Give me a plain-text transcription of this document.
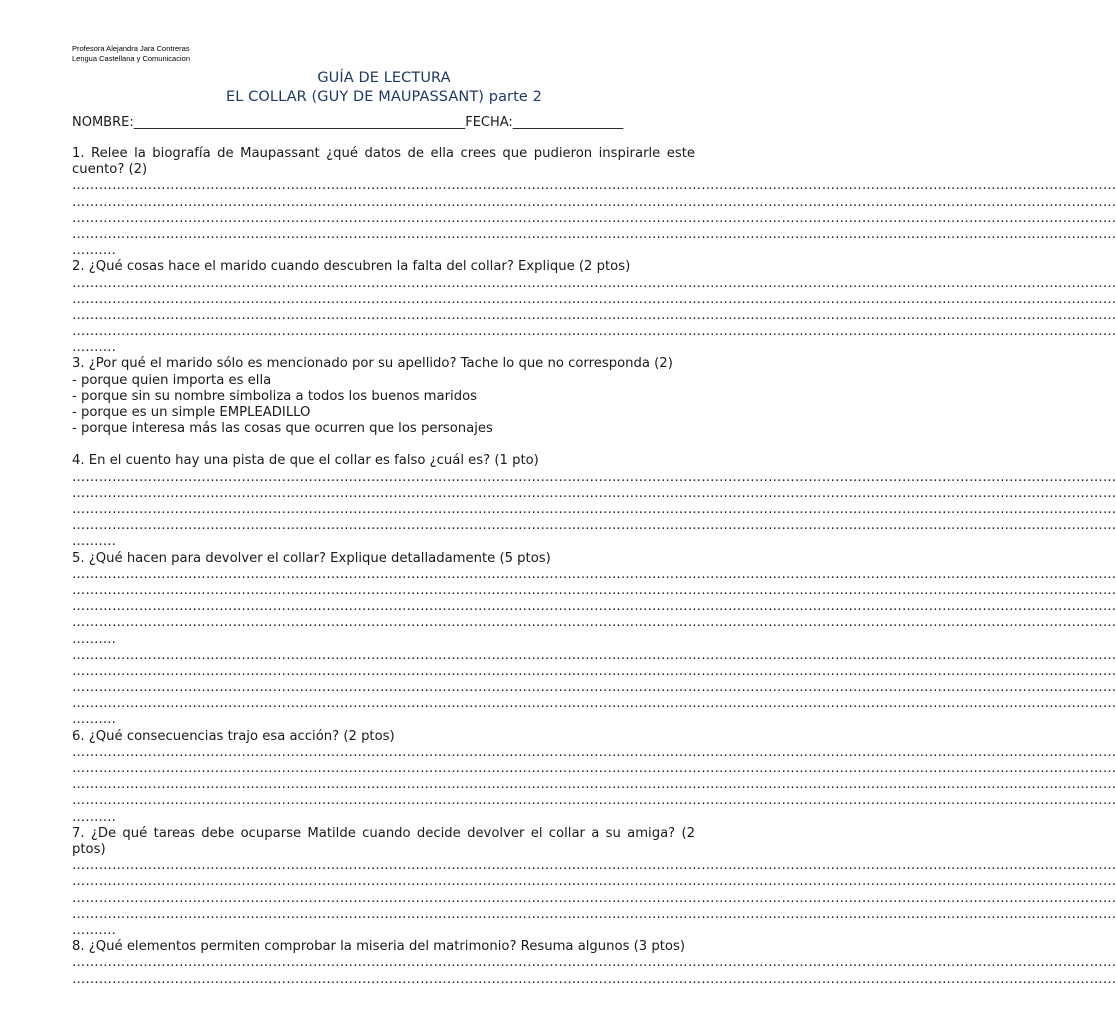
Profesora Alejandra Jara Contreras
Lengua Castellana y Comunicacion
GUÍA DE LECTURA
EL COLLAR (GUY DE MAUPASSANT) parte 2
NOMBRE:___________________________________________________FECHA:_________________
1. Relee la biografía de Maupassant ¿qué datos de ella crees que pudieron inspirarle este cuento? (2)
………………………………………………………………………………………………………………………………………………………………………………………………………………
………………………………………………………………………………………………………………………………………………………………………………………………………………
………………………………………………………………………………………………………………………………………………………………………………………………………………
………………………………………………………………………………………………………………………………………………………………………………………………………………
……….
2. ¿Qué cosas hace el marido cuando descubren la falta del collar? Explique (2 ptos)
………………………………………………………………………………………………………………………………………………………………………………………………………………
………………………………………………………………………………………………………………………………………………………………………………………………………………
………………………………………………………………………………………………………………………………………………………………………………………………………………
………………………………………………………………………………………………………………………………………………………………………………………………………………
……….
3. ¿Por qué el marido sólo es mencionado por su apellido? Tache lo que no corresponda (2)
- porque quien importa es ella
- porque sin su nombre simboliza a todos los buenos maridos
- porque es un simple EMPLEADILLO
- porque interesa más las cosas que ocurren que los personajes
4. En el cuento hay una pista de que el collar es falso ¿cuál es? (1 pto)
………………………………………………………………………………………………………………………………………………………………………………………………………………
………………………………………………………………………………………………………………………………………………………………………………………………………………
………………………………………………………………………………………………………………………………………………………………………………………………………………
………………………………………………………………………………………………………………………………………………………………………………………………………………
……….
5. ¿Qué hacen para devolver el collar? Explique detalladamente (5 ptos)
………………………………………………………………………………………………………………………………………………………………………………………………………………
………………………………………………………………………………………………………………………………………………………………………………………………………………
………………………………………………………………………………………………………………………………………………………………………………………………………………
………………………………………………………………………………………………………………………………………………………………………………………………………………
……….
………………………………………………………………………………………………………………………………………………………………………………………………………………
………………………………………………………………………………………………………………………………………………………………………………………………………………
………………………………………………………………………………………………………………………………………………………………………………………………………………
………………………………………………………………………………………………………………………………………………………………………………………………………………
……….
6. ¿Qué consecuencias trajo esa acción? (2 ptos)
………………………………………………………………………………………………………………………………………………………………………………………………………………
………………………………………………………………………………………………………………………………………………………………………………………………………………
………………………………………………………………………………………………………………………………………………………………………………………………………………
………………………………………………………………………………………………………………………………………………………………………………………………………………
……….
7. ¿De qué tareas debe ocuparse Matilde cuando decide devolver el collar a su amiga? (2 ptos)
………………………………………………………………………………………………………………………………………………………………………………………………………………
………………………………………………………………………………………………………………………………………………………………………………………………………………
………………………………………………………………………………………………………………………………………………………………………………………………………………
………………………………………………………………………………………………………………………………………………………………………………………………………………
……….
8. ¿Qué elementos permiten comprobar la miseria del matrimonio? Resuma algunos (3 ptos)
………………………………………………………………………………………………………………………………………………………………………………………………………………
………………………………………………………………………………………………………………………………………………………………………………………………………………
